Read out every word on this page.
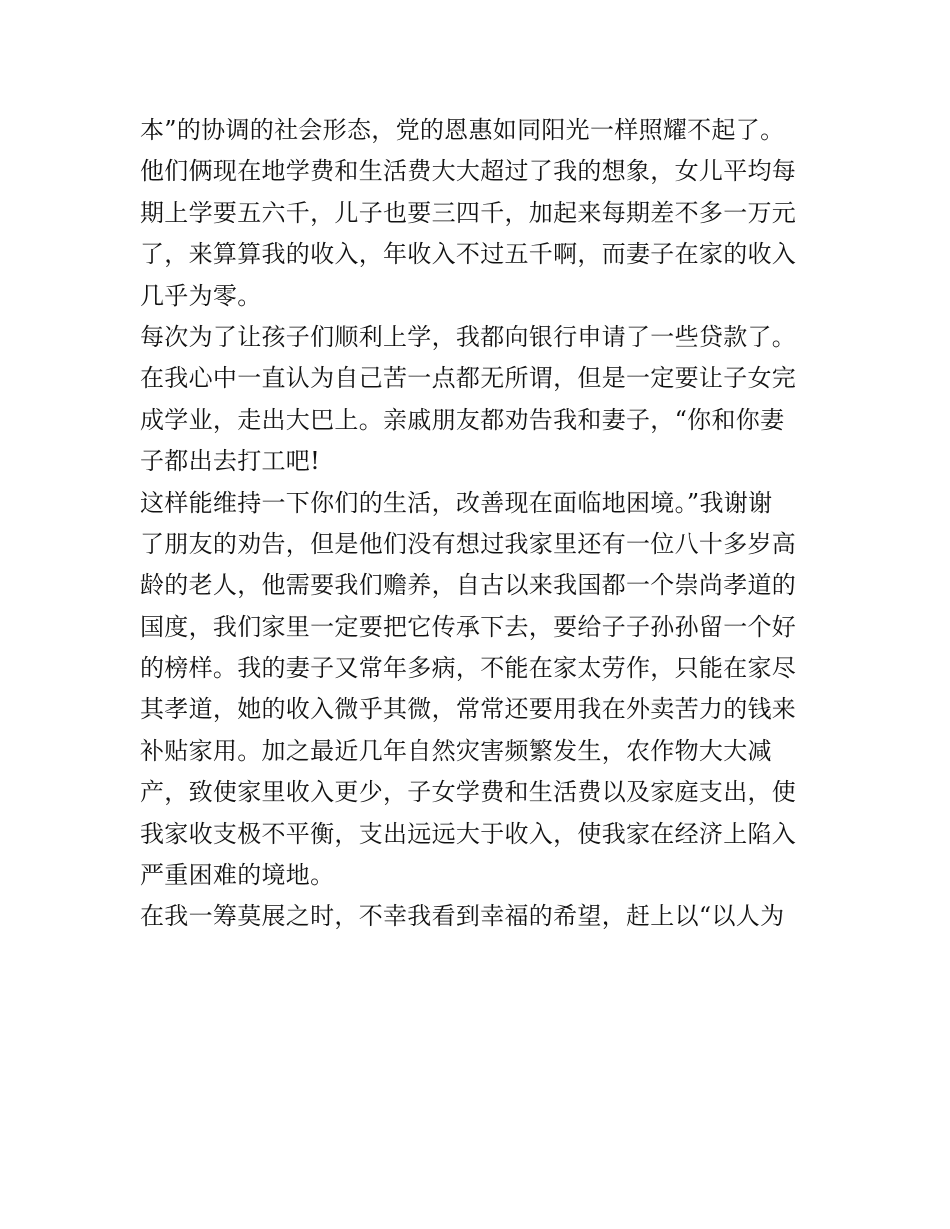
本”的协调的社会形态，党的恩惠如同阳光一样照耀不起了。
他们俩现在地学费和生活费大大超过了我的想象，女儿平均每
期上学要五六千，儿子也要三四千，加起来每期差不多一万元
了，来算算我的收入，年收入不过五千啊，而妻子在家的收入
几乎为零。
每次为了让孩子们顺利上学，我都向银行申请了一些贷款了。
在我心中一直认为自己苦一点都无所谓，但是一定要让子女完
成学业，走出大巴上。亲戚朋友都劝告我和妻子，“你和你妻
子都出去打工吧!
这样能维持一下你们的生活，改善现在面临地困境。”我谢谢
了朋友的劝告，但是他们没有想过我家里还有一位八十多岁高
龄的老人，他需要我们赡养，自古以来我国都一个崇尚孝道的
国度，我们家里一定要把它传承下去，要给子子孙孙留一个好
的榜样。我的妻子又常年多病，不能在家太劳作，只能在家尽
其孝道，她的收入微乎其微，常常还要用我在外卖苦力的钱来
补贴家用。加之最近几年自然灾害频繁发生，农作物大大减
产，致使家里收入更少，子女学费和生活费以及家庭支出，使
我家收支极不平衡，支出远远大于收入，使我家在经济上陷入
严重困难的境地。
在我一筹莫展之时，不幸我看到幸福的希望，赶上以“以人为
